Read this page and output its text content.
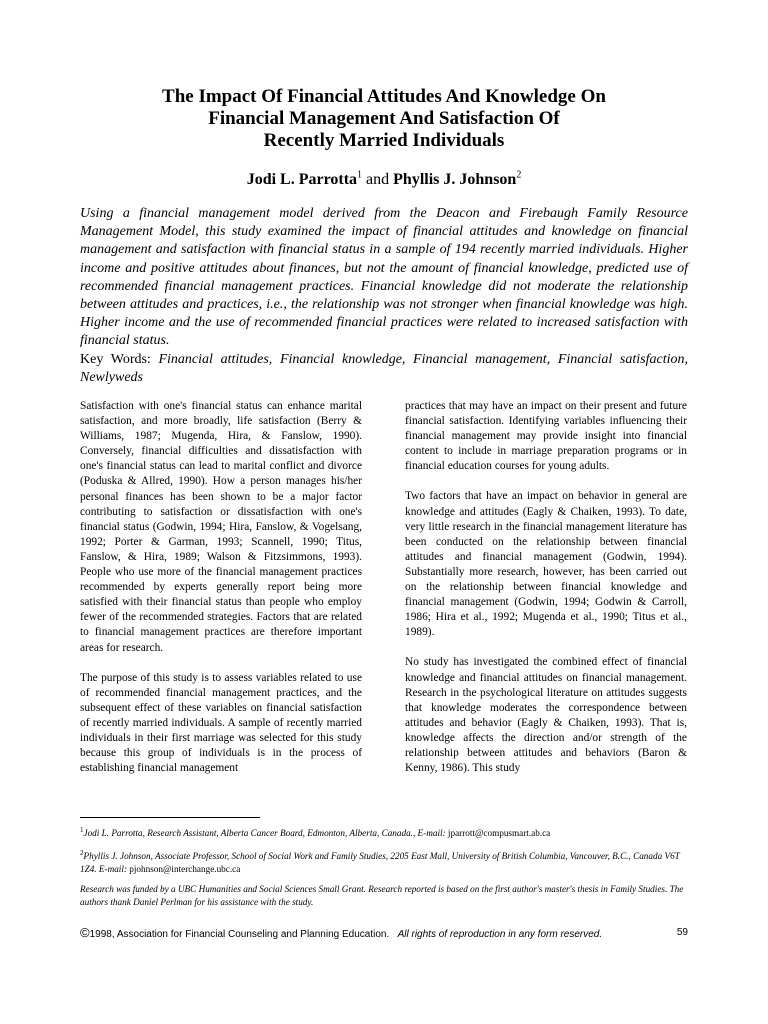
The Impact Of Financial Attitudes And Knowledge On
Financial Management And Satisfaction Of
Recently Married Individuals
Jodi L. Parrotta$^1$ and Phyllis J. Johnson$^2$

Using a financial management model derived from the Deacon and Firebaugh Family Resource Management Model, this study examined the impact of financial attitudes and knowledge on financial management and satisfaction with financial status in a sample of 194 recently married individuals. Higher income and positive attitudes about finances, but not the amount of financial knowledge, predicted use of recommended financial management practices. Financial knowledge did not moderate the relationship between attitudes and practices, i.e., the relationship was not stronger when financial knowledge was high. Higher income and the use of recommended financial practices were related to increased satisfaction with financial status.
Key Words: Financial attitudes, Financial knowledge, Financial management, Financial satisfaction, Newlyweds

Satisfaction with one's financial status can enhance marital satisfaction, and more broadly, life satisfaction (Berry & Williams, 1987; Mugenda, Hira, & Fanslow, 1990). Conversely, financial difficulties and dissatisfaction with one's financial status can lead to marital conflict and divorce (Poduska & Allred, 1990). How a person manages his/her personal finances has been shown to be a major factor contributing to satisfaction or dissatisfaction with one's financial status (Godwin, 1994; Hira, Fanslow, & Vogelsang, 1992; Porter & Garman, 1993; Scannell, 1990; Titus, Fanslow, & Hira, 1989; Walson & Fitzsimmons, 1993). People who use more of the financial management practices recommended by experts generally report being more satisfied with their financial status than people who employ fewer of the recommended strategies. Factors that are related to financial management practices are therefore important areas for research.

The purpose of this study is to assess variables related to use of recommended financial management practices, and the subsequent effect of these variables on financial satisfaction of recently married individuals. A sample of recently married individuals in their first marriage was selected for this study because this group of individuals is in the process of establishing financial management

practices that may have an impact on their present and future financial satisfaction. Identifying variables influencing their financial management may provide insight into financial content to include in marriage preparation programs or in financial education courses for young adults.

Two factors that have an impact on behavior in general are knowledge and attitudes (Eagly & Chaiken, 1993). To date, very little research in the financial management literature has been conducted on the relationship between financial attitudes and financial management (Godwin, 1994). Substantially more research, however, has been carried out on the relationship between financial knowledge and financial management (Godwin, 1994; Godwin & Carroll, 1986; Hira et al., 1992; Mugenda et al., 1990; Titus et al., 1989).

No study has investigated the combined effect of financial knowledge and financial attitudes on financial management. Research in the psychological literature on attitudes suggests that knowledge moderates the correspondence between attitudes and behavior (Eagly & Chaiken, 1993). That is, knowledge affects the direction and/or strength of the relationship between attitudes and behaviors (Baron & Kenny, 1986). This study

$^1$Jodi L. Parrotta, Research Assistant, Alberta Cancer Board, Edmonton, Alberta, Canada., E-mail: jparrott@compusmart.ab.ca

$^2$Phyllis J. Johnson, Associate Professor, School of Social Work and Family Studies, 2205 East Mall, University of British Columbia, Vancouver, B.C., Canada V6T 1Z4. E-mail: pjohnson@interchange.ubc.ca

Research was funded by a UBC Humanities and Social Sciences Small Grant. Research reported is based on the first author's master's thesis in Family Studies. The authors thank Daniel Perlman for his assistance with the study.

©1998, Association for Financial Counseling and Planning Education. All rights of reproduction in any form reserved.	59
